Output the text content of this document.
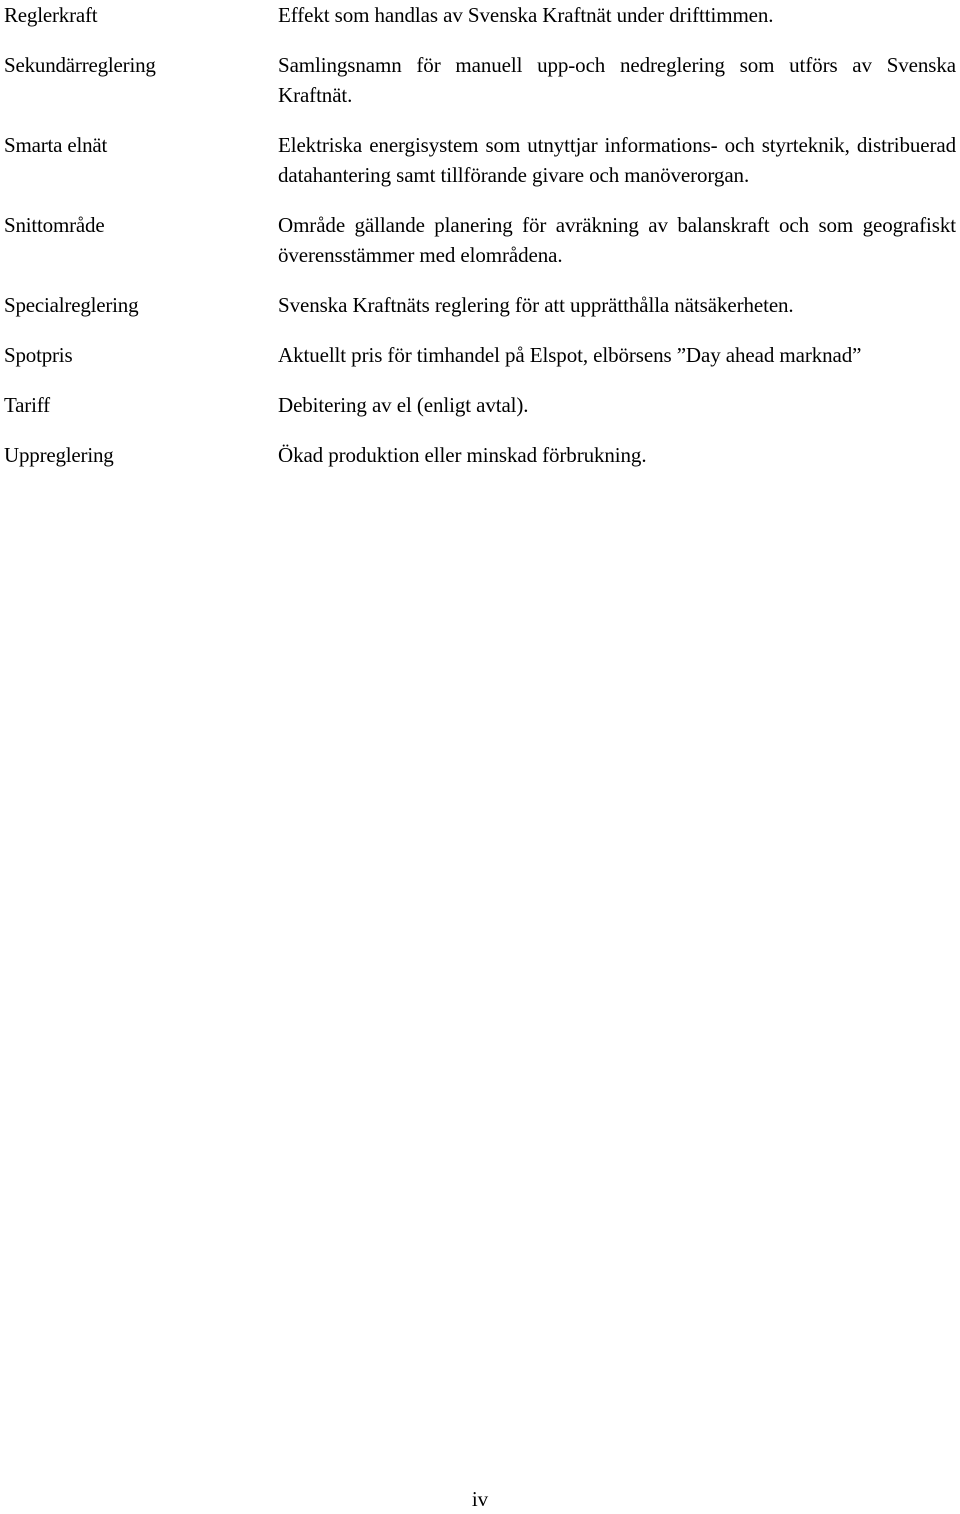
Reglerkraft	Effekt som handlas av Svenska Kraftnät under drifttimmen.
Sekundärreglering	Samlingsnamn för manuell upp-och nedreglering som utförs av Svenska Kraftnät.
Smarta elnät	Elektriska energisystem som utnyttjar informations- och styrteknik, distribuerad datahantering samt tillförande givare och manöverorgan.
Snittområde	Område gällande planering för avräkning av balanskraft och som geografiskt överensstämmer med elområdena.
Specialreglering	Svenska Kraftnäts reglering för att upprätthålla nätsäkerheten.
Spotpris	Aktuellt pris för timhandel på Elspot, elbörsens ”Day ahead marknad”
Tariff	Debitering av el (enligt avtal).
Uppreglering	Ökad produktion eller minskad förbrukning.
iv
